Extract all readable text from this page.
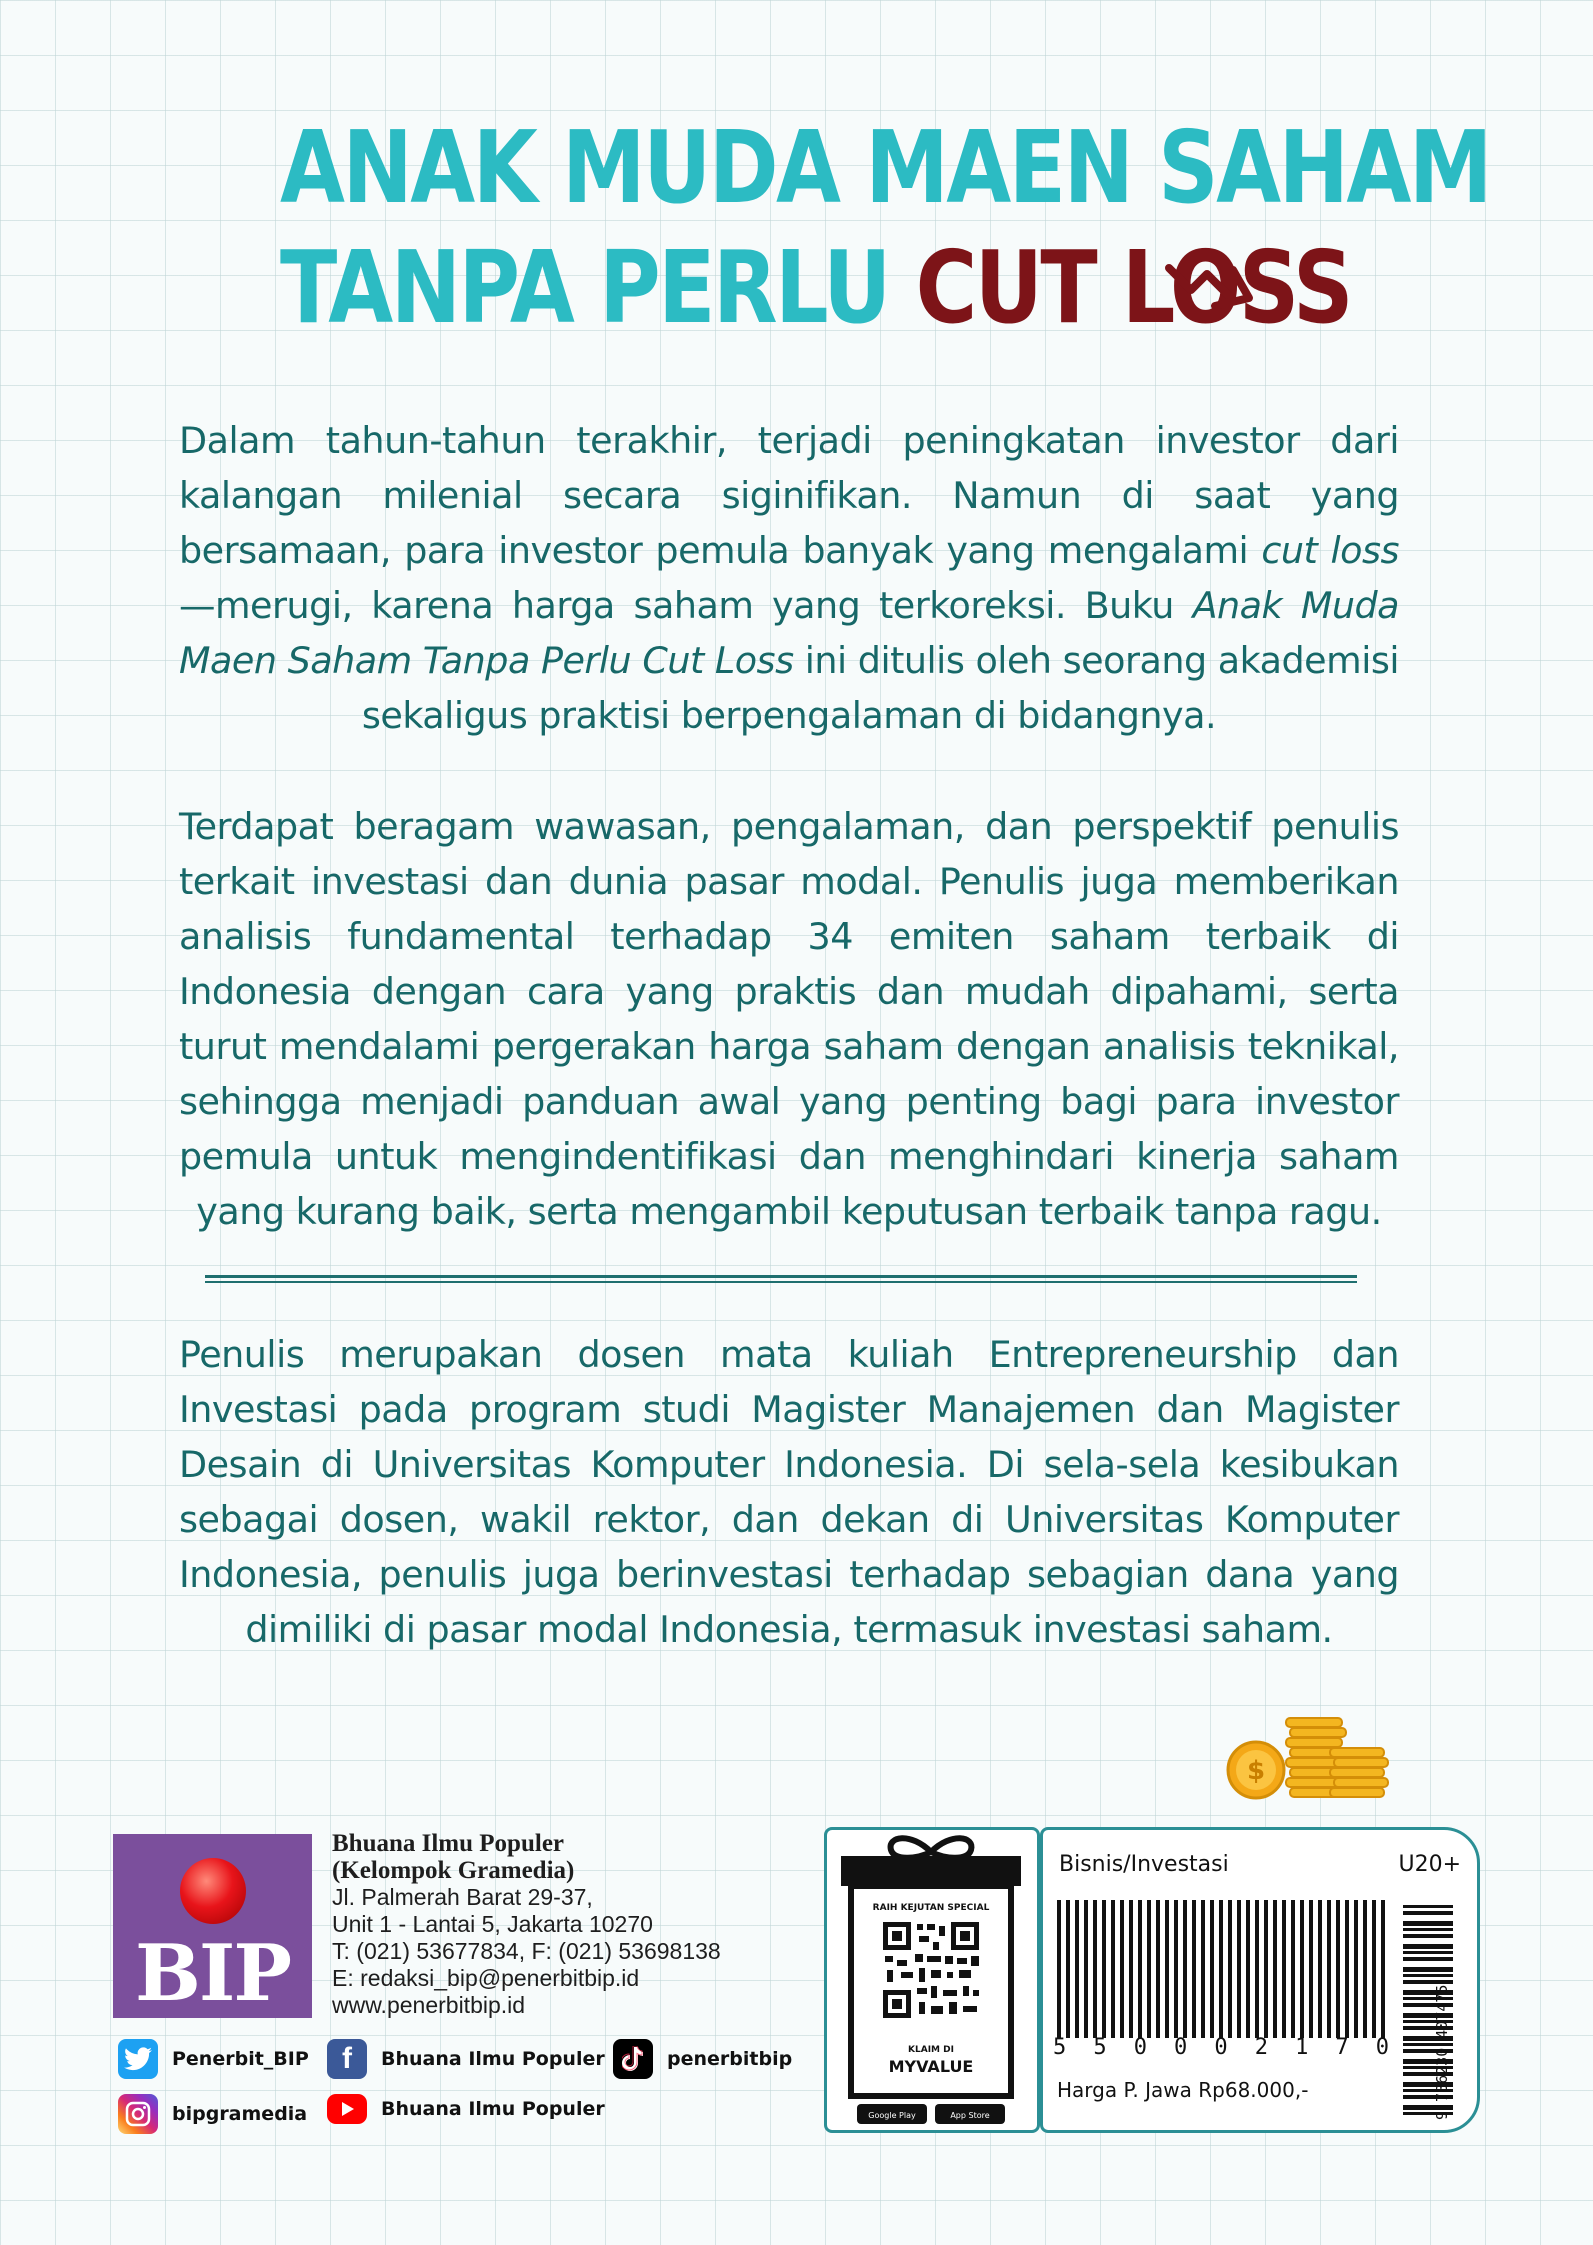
ANAK MUDA MAEN SAHAM
TANPA PERLU CUT LOSS

Dalam tahun-tahun terakhir, terjadi peningkatan investor dari kalangan milenial secara siginifikan. Namun di saat yang bersamaan, para investor pemula banyak yang mengalami cut loss—merugi, karena harga saham yang terkoreksi. Buku Anak Muda Maen Saham Tanpa Perlu Cut Loss ini ditulis oleh seorang akademisi sekaligus praktisi berpengalaman di bidangnya.

Terdapat beragam wawasan, pengalaman, dan perspektif penulis terkait investasi dan dunia pasar modal. Penulis juga memberikan analisis fundamental terhadap 34 emiten saham terbaik di Indonesia dengan cara yang praktis dan mudah dipahami, serta turut mendalami pergerakan harga saham dengan analisis teknikal, sehingga menjadi panduan awal yang penting bagi para investor pemula untuk mengindentifikasi dan menghindari kinerja saham yang kurang baik, serta mengambil keputusan terbaik tanpa ragu.

Penulis merupakan dosen mata kuliah Entrepreneurship dan Investasi pada program studi Magister Manajemen dan Magister Desain di Universitas Komputer Indonesia. Di sela-sela kesibukan sebagai dosen, wakil rektor, dan dekan di Universitas Komputer Indonesia, penulis juga berinvestasi terhadap sebagian dana yang dimiliki di pasar modal Indonesia, termasuk investasi saham.

$
BIP
Bhuana Ilmu Populer
(Kelompok Gramedia)
Jl. Palmerah Barat 29-37,
Unit 1 - Lantai 5, Jakarta 10270
T: (021) 53677834, F: (021) 53698138
E: redaksi_bip@penerbitbip.id
www.penerbitbip.id
Penerbit_BIP	f	Bhuana Ilmu Populer	penerbitbip
bipgramedia	Bhuana Ilmu Populer
RAIH KEJUTAN SPECIAL
KLAIM DI
MYVALUE
Google Play	App Store
Bisnis/Investasi	U20+
5 5 0 0 0 2 1 7 0
Harga P. Jawa Rp68.000,-	9 786230 407475
